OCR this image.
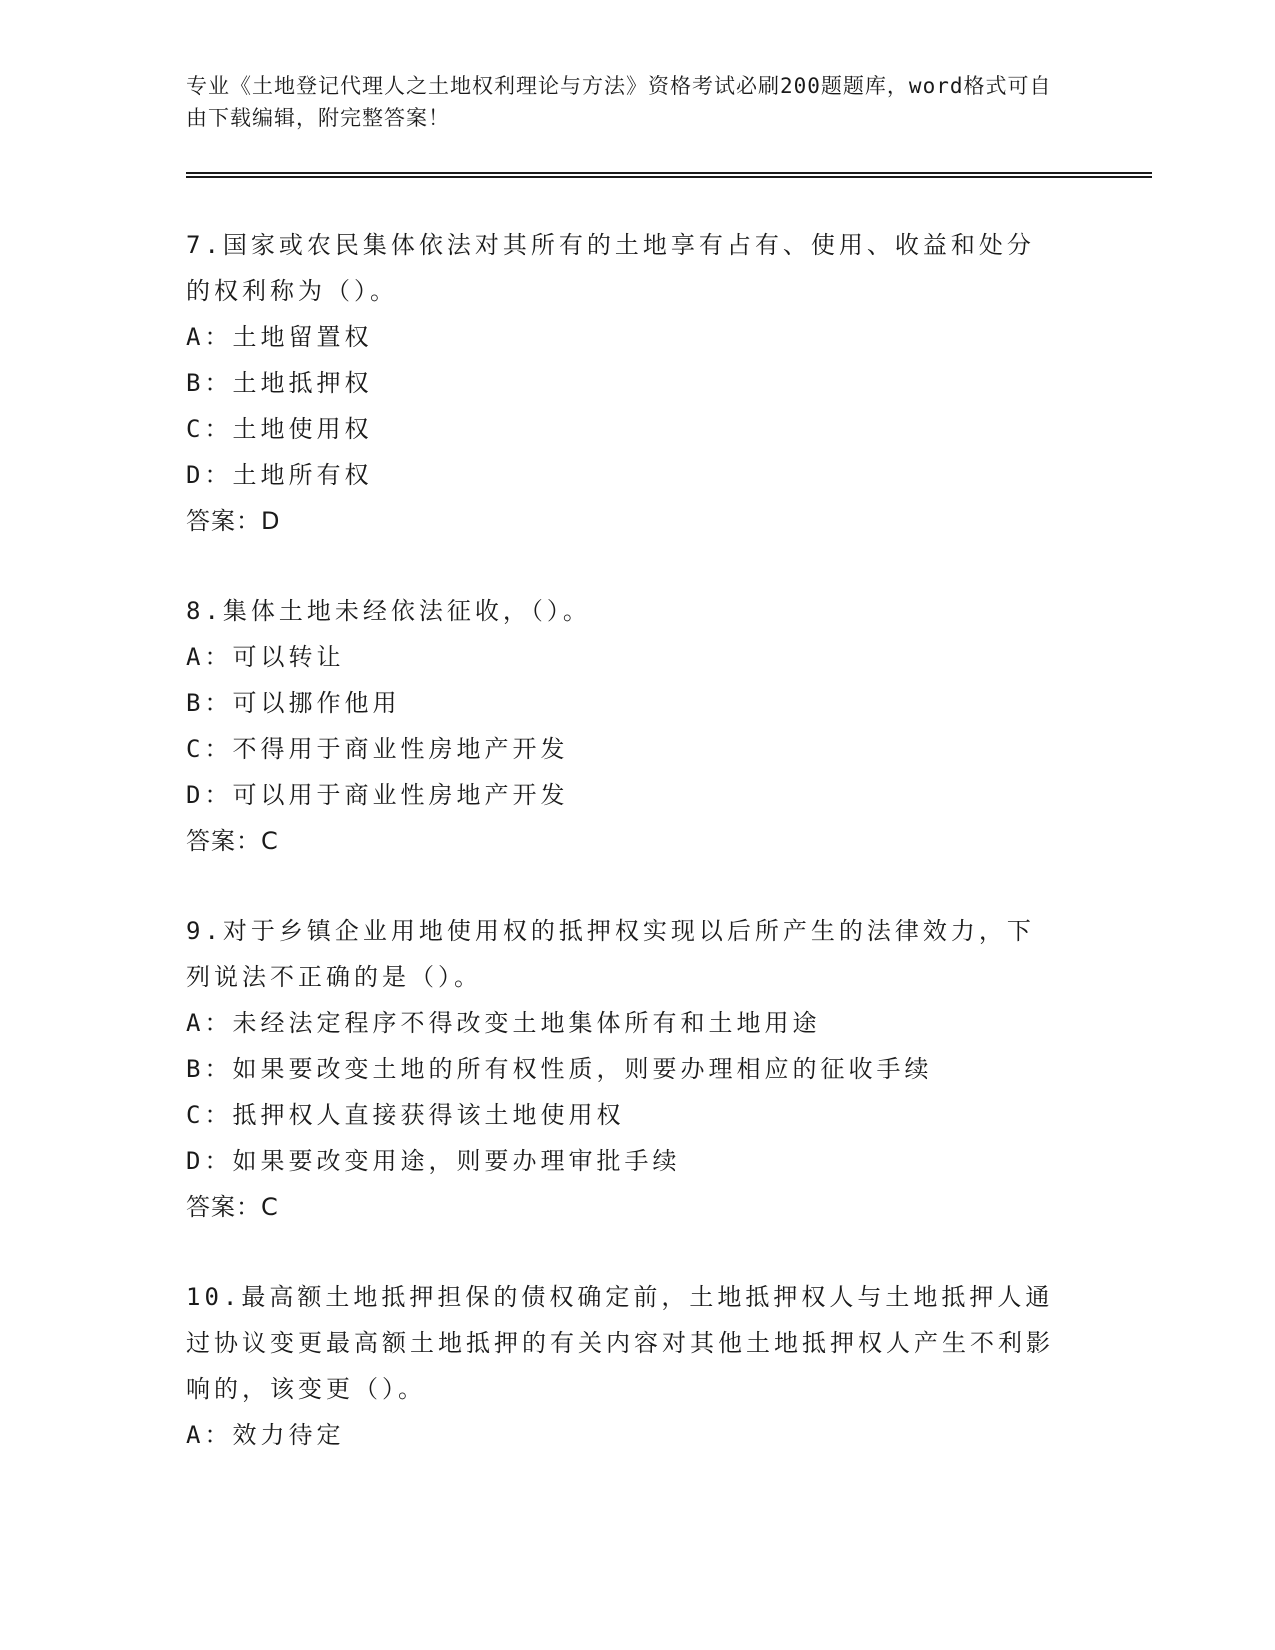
专业《土地登记代理人之土地权利理论与方法》资格考试必刷200题题库，word格式可自由下载编辑，附完整答案！

7.国家或农民集体依法对其所有的土地享有占有、使用、收益和处分的权利称为（）。

A：土地留置权

B：土地抵押权

C：土地使用权

D：土地所有权

答案：D

8.集体土地未经依法征收，（）。

A：可以转让

B：可以挪作他用

C：不得用于商业性房地产开发

D：可以用于商业性房地产开发

答案：C

9.对于乡镇企业用地使用权的抵押权实现以后所产生的法律效力，下列说法不正确的是（）。

A：未经法定程序不得改变土地集体所有和土地用途

B：如果要改变土地的所有权性质，则要办理相应的征收手续

C：抵押权人直接获得该土地使用权

D：如果要改变用途，则要办理审批手续

答案：C

10.最高额土地抵押担保的债权确定前，土地抵押权人与土地抵押人通过协议变更最高额土地抵押的有关内容对其他土地抵押权人产生不利影响的，该变更（）。

A：效力待定
